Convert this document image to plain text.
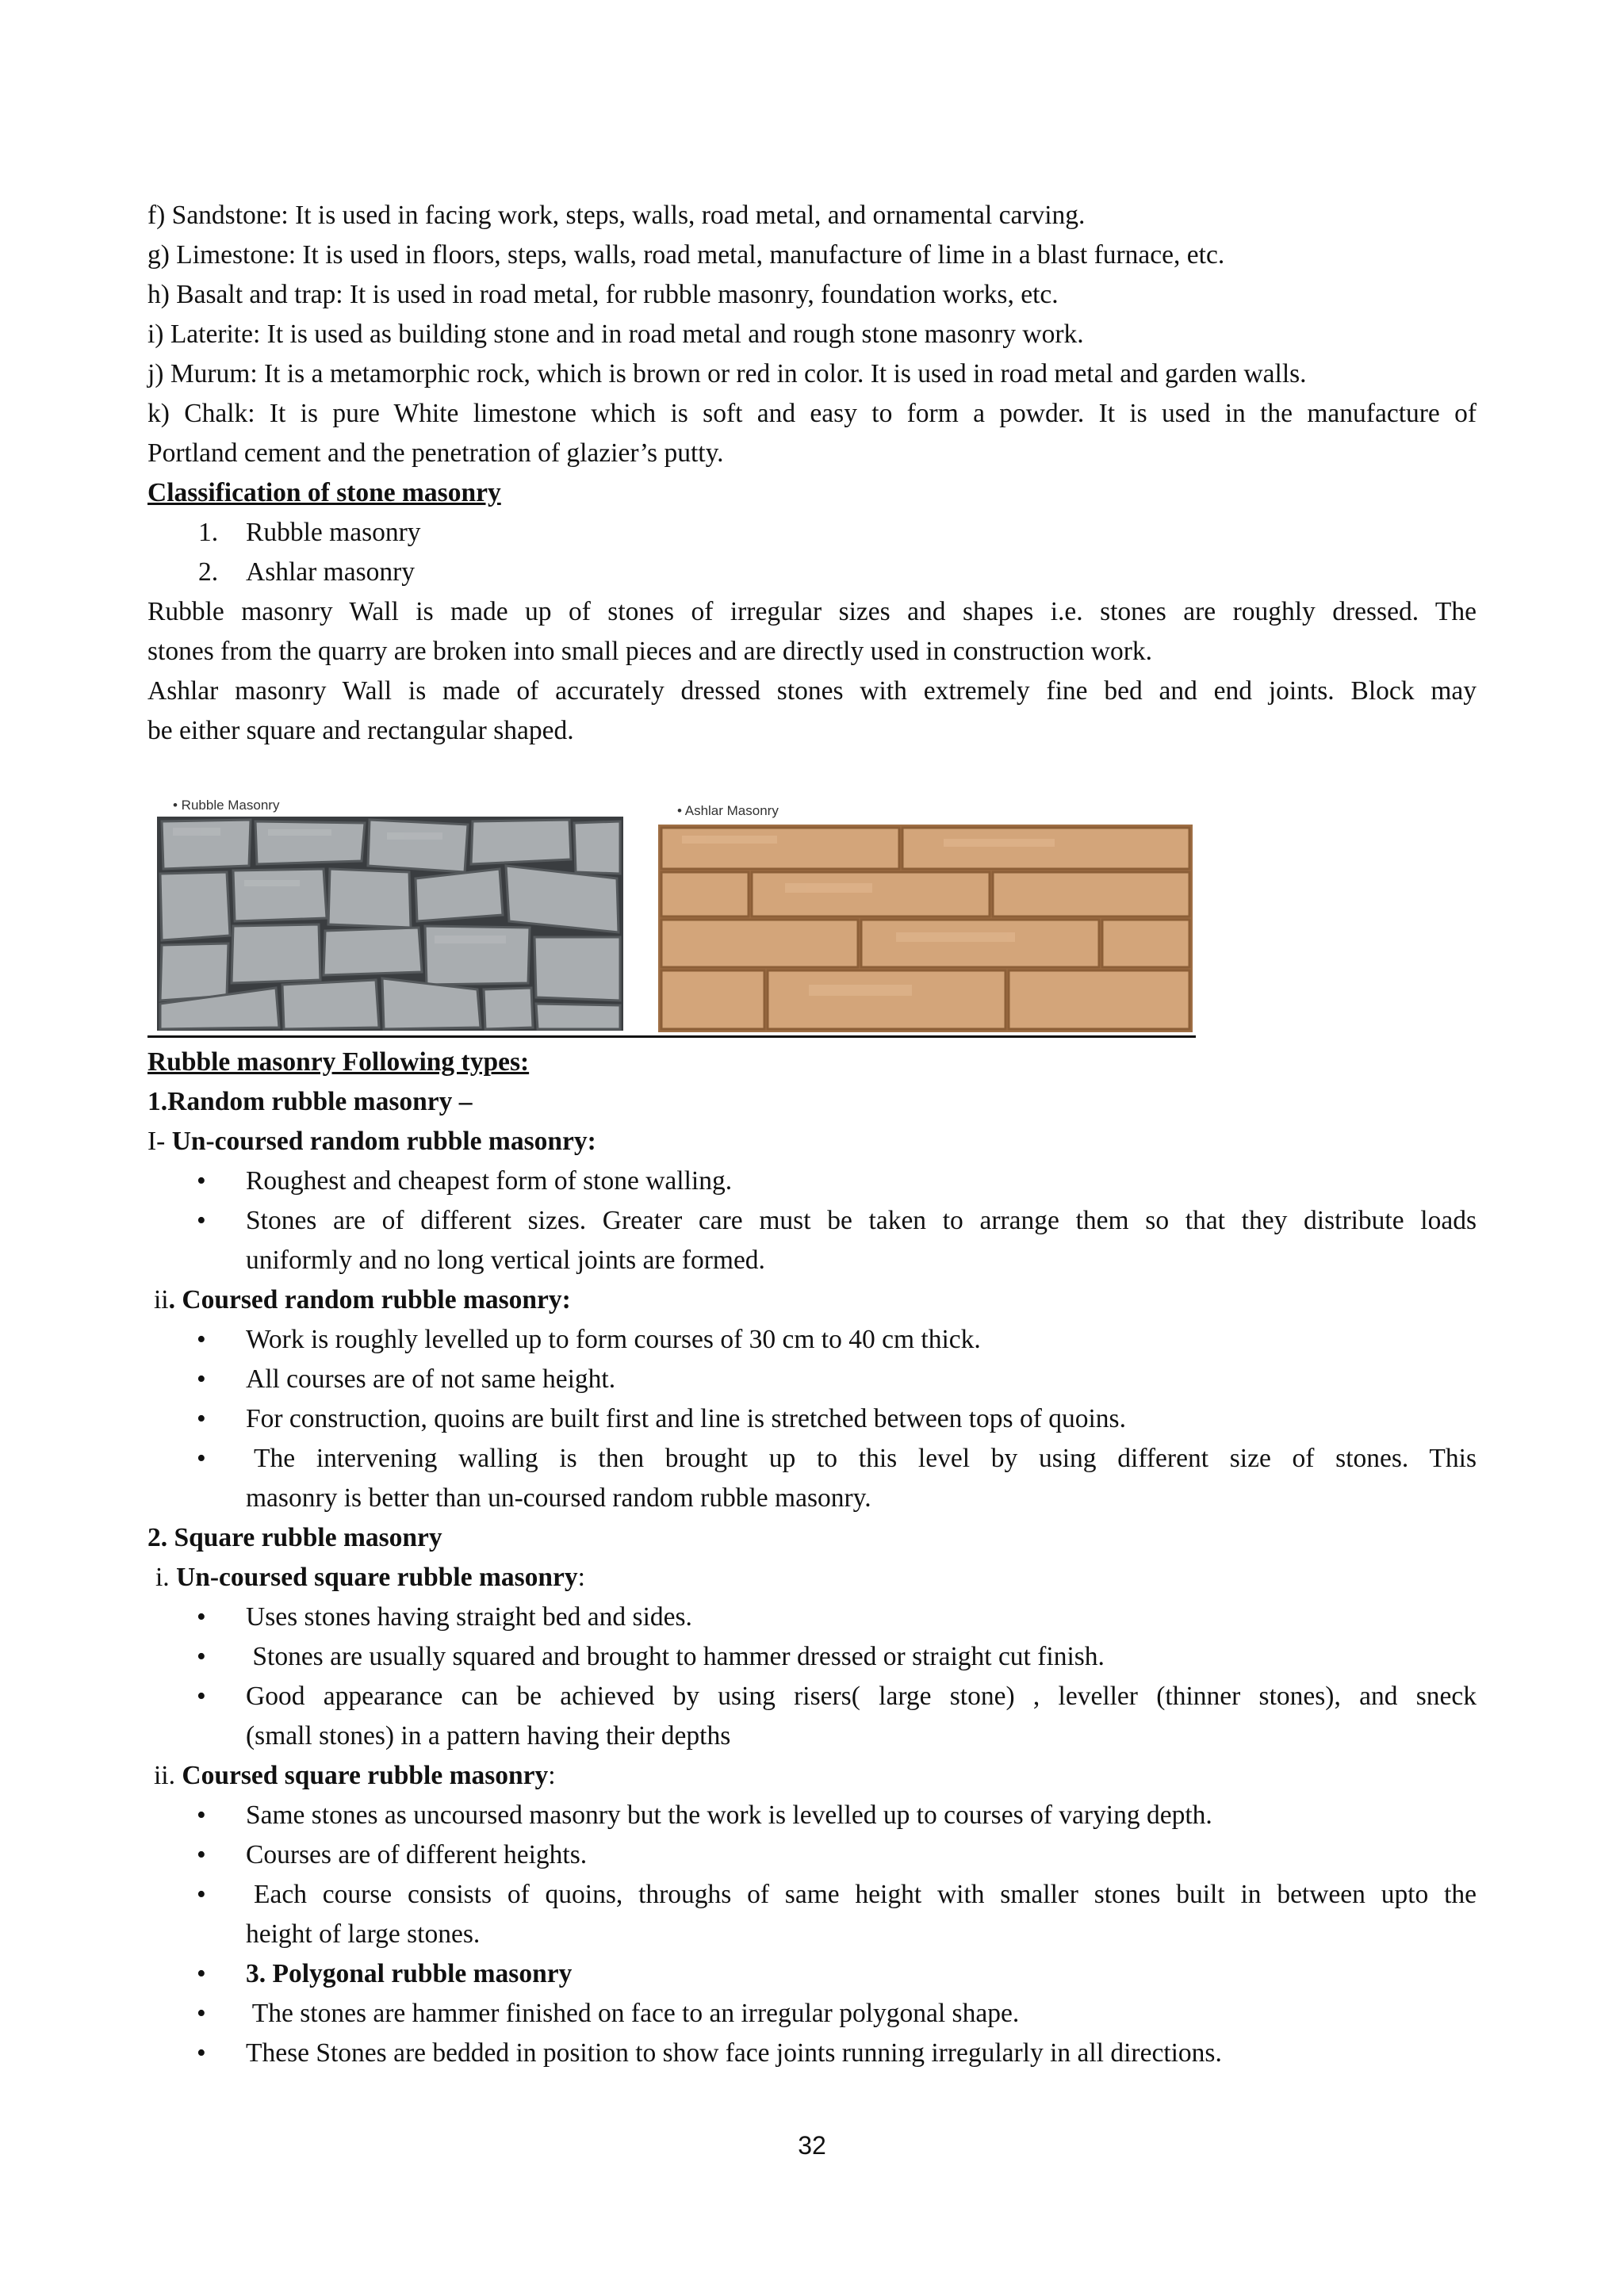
f) Sandstone: It is used in facing work, steps, walls, road metal, and ornamental carving.
g) Limestone: It is used in floors, steps, walls, road metal, manufacture of lime in a blast furnace, etc.
h) Basalt and trap: It is used in road metal, for rubble masonry, foundation works, etc.
i) Laterite: It is used as building stone and in road metal and rough stone masonry work.
j) Murum: It is a metamorphic rock, which is brown or red in color. It is used in road metal and garden walls.
k) Chalk: It is pure White limestone which is soft and easy to form a powder. It is used in the manufacture of
Portland cement and the penetration of glazier’s putty.
Classification of stone masonry
1. Rubble masonry
2. Ashlar masonry
Rubble masonry Wall is made up of stones of irregular sizes and shapes i.e. stones are roughly dressed. The
stones from the quarry are broken into small pieces and are directly used in construction work.
Ashlar masonry Wall is made of accurately dressed stones with extremely fine bed and end joints. Block may
be either square and rectangular shaped.
• Rubble Masonry	• Ashlar Masonry
Rubble masonry Following types:
1.Random rubble masonry –
I- Un-coursed random rubble masonry:
• Roughest and cheapest form of stone walling.
• Stones are of different sizes. Greater care must be taken to arrange them so that they distribute loads
uniformly and no long vertical joints are formed.
ii. Coursed random rubble masonry:
• Work is roughly levelled up to form courses of 30 cm to 40 cm thick.
• All courses are of not same height.
• For construction, quoins are built first and line is stretched between tops of quoins.
• The intervening walling is then brought up to this level by using different size of stones. This
masonry is better than un-coursed random rubble masonry.
2. Square rubble masonry
i. Un-coursed square rubble masonry:
• Uses stones having straight bed and sides.
• Stones are usually squared and brought to hammer dressed or straight cut finish.
• Good appearance can be achieved by using risers( large stone) , leveller (thinner stones), and sneck
(small stones) in a pattern having their depths
ii. Coursed square rubble masonry:
• Same stones as uncoursed masonry but the work is levelled up to courses of varying depth.
• Courses are of different heights.
• Each course consists of quoins, throughs of same height with smaller stones built in between upto the
height of large stones.
• 3. Polygonal rubble masonry
• The stones are hammer finished on face to an irregular polygonal shape.
• These Stones are bedded in position to show face joints running irregularly in all directions.
32
